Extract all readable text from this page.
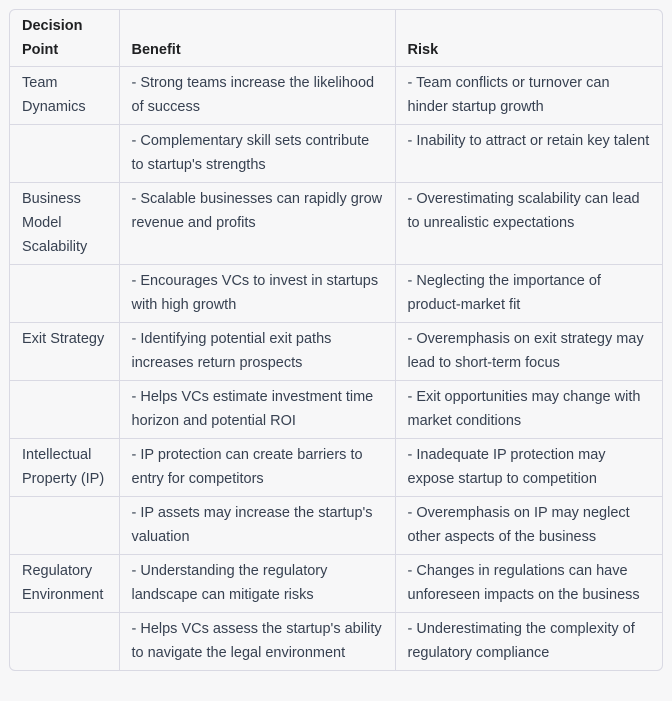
Decision Point	Benefit	Risk
Team Dynamics	- Strong teams increase the likelihood of success	- Team conflicts or turnover can hinder startup growth
	- Complementary skill sets contribute to startup's strengths	- Inability to attract or retain key talent
Business Model Scalability	- Scalable businesses can rapidly grow revenue and profits	- Overestimating scalability can lead to unrealistic expectations
	- Encourages VCs to invest in startups with high growth	- Neglecting the importance of product-market fit
Exit Strategy	- Identifying potential exit paths increases return prospects	- Overemphasis on exit strategy may lead to short-term focus
	- Helps VCs estimate investment time horizon and potential ROI	- Exit opportunities may change with market conditions
Intellectual Property (IP)	- IP protection can create barriers to entry for competitors	- Inadequate IP protection may expose startup to competition
	- IP assets may increase the startup's valuation	- Overemphasis on IP may neglect other aspects of the business
Regulatory Environment	- Understanding the regulatory landscape can mitigate risks	- Changes in regulations can have unforeseen impacts on the business
	- Helps VCs assess the startup's ability to navigate the legal environment	- Underestimating the complexity of regulatory compliance
